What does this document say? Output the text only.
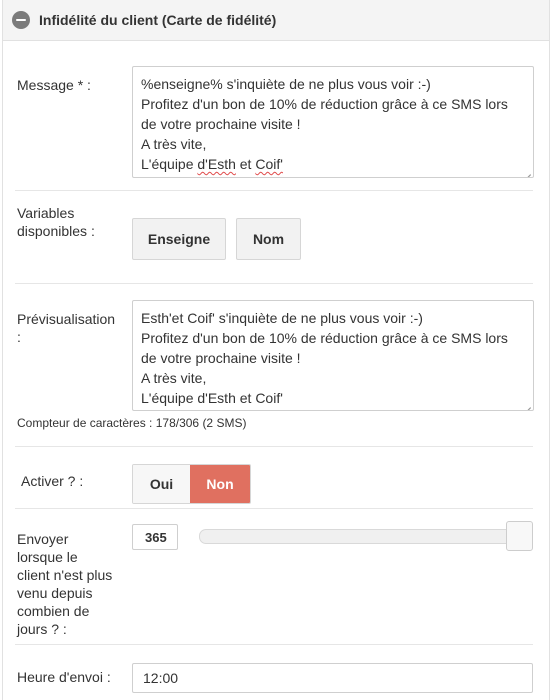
Infidélité du client (Carte de fidélité)
Message * :	%enseigne% s'inquiète de ne plus vous voir :-)
Profitez d'un bon de 10% de réduction grâce à ce SMS lors
de votre prochaine visite !
A très vite,
L'équipe d'Esth et Coif'
Variables
disponibles :	Enseigne	Nom
Prévisualisation
:
Esth'et Coif' s'inquiète de ne plus vous voir :-)
Profitez d'un bon de 10% de réduction grâce à ce SMS lors
de votre prochaine visite !
A très vite,
L'équipe d'Esth et Coif'
Compteur de caractères : 178/306 (2 SMS)
Activer ? :	Oui	Non
Envoyer
lorsque le
client n'est plus
venu depuis
combien de
jours ? :
365
Heure d'envoi :	12:00
